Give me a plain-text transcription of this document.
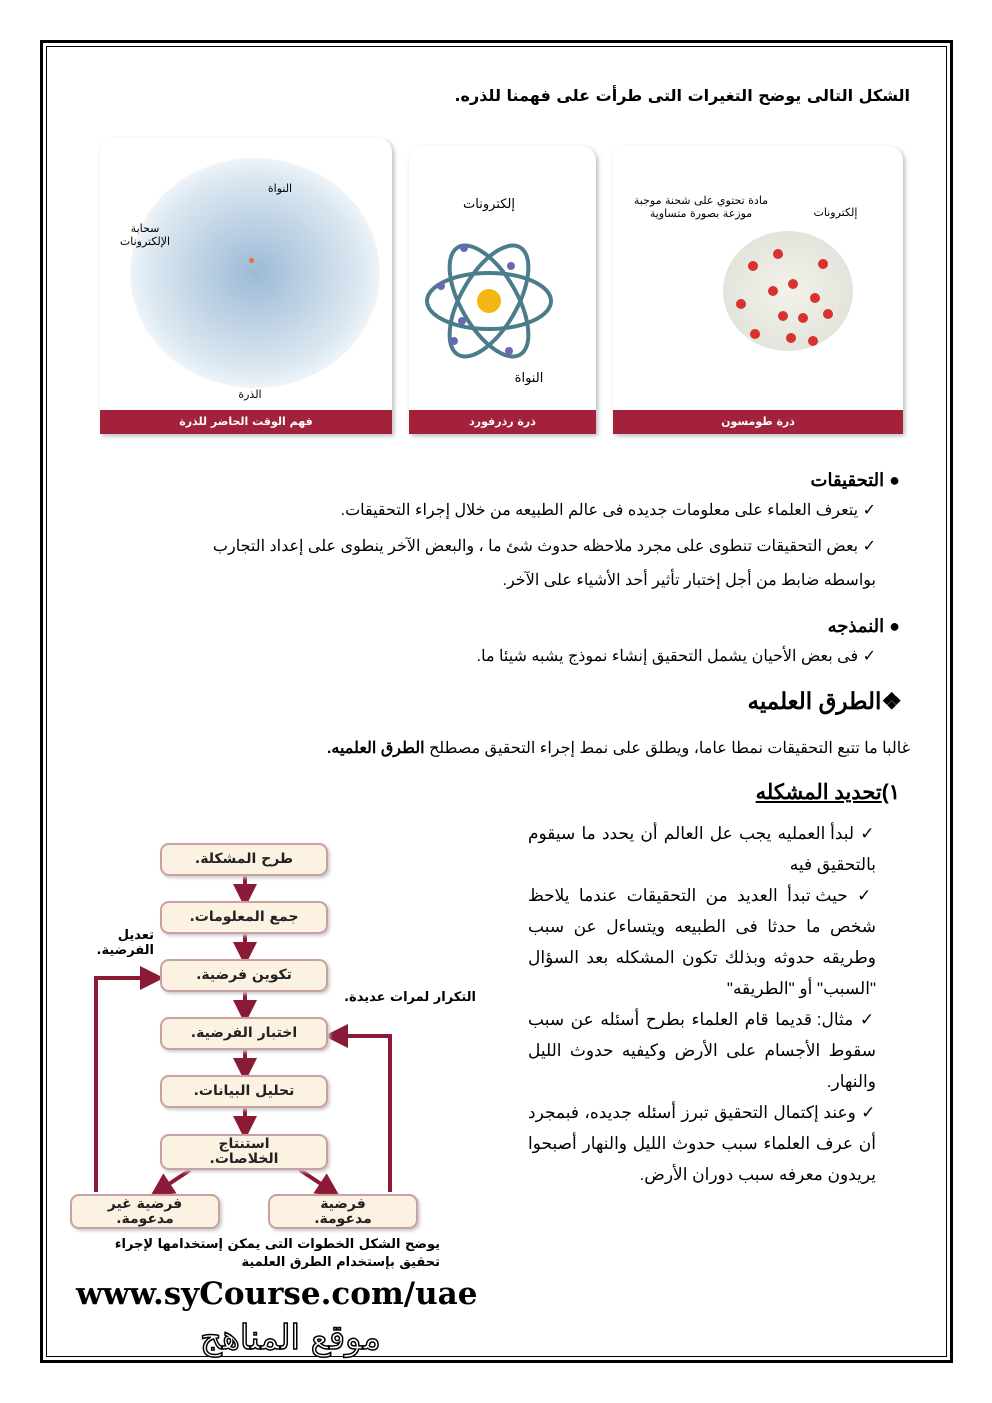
الشكل التالى يوضح التغيرات التى طرأت على فهمنا للذره.
مادة تحتوي على شحنة موجبة موزعة بصورة متساوية	إلكترونات
ذرة طومسون
إلكترونات
النواة
ذرة رذرفورد
النواة
سحابة الإلكترونات
الذرة
فهم الوقت الحاضر للذرة
● التحقيقات
✓ يتعرف العلماء على معلومات جديده فى عالم الطبيعه من خلال إجراء التحقيقات.
✓ بعض التحقيقات تنطوى على مجرد ملاحظه حدوث شئ ما ، والبعض الآخر ينطوى على إعداد التجارب
بواسطه ضابط من أجل إختبار تأثير أحد الأشياء على الآخر.
● النمذجه
✓ فى بعض الأحيان يشمل التحقيق إنشاء نموذج يشبه شيئا ما.
❖الطرق العلميه
غالبا ما تتبع التحقيقات نمطا عاما، ويطلق على نمط إجراء التحقيق مصطلح الطرق العلميه.
١)تحديد المشكله
✓ لبدأ العمليه يجب عل العالم أن يحدد ما سيقوم بالتحقيق فيه
✓ حيث تبدأ العديد من التحقيقات عندما يلاحظ شخص ما حدثا فى الطبيعه ويتساءل عن سبب وطريقه حدوثه وبذلك تكون المشكله بعد السؤال "السبب" أو "الطريقه"
✓ مثال: قديما قام العلماء بطرح أسئله عن سبب سقوط الأجسام على الأرض وكيفيه حدوث الليل والنهار.
✓ وعند إكتمال التحقيق تبرز أسئله جديده، فبمجرد أن عرف العلماء سبب حدوث الليل والنهار أصبحوا يريدون معرفه سبب دوران الأرض.
طرح المشكلة.
جمع المعلومات.
تكوين فرضية.
اختبار الفرضية.
تحليل البيانات.
استنتاج الخلاصات.
فرضية غير مدعومة.
فرضية مدعومة.
تعديل الفرضية.
التكرار لمرات عديدة.
يوضح الشكل الخطوات التى يمكن إستخدامها لإجراء تحقيق بإستخدام الطرق العلمية
www.syCourse.com/uae
موقع المناهج
